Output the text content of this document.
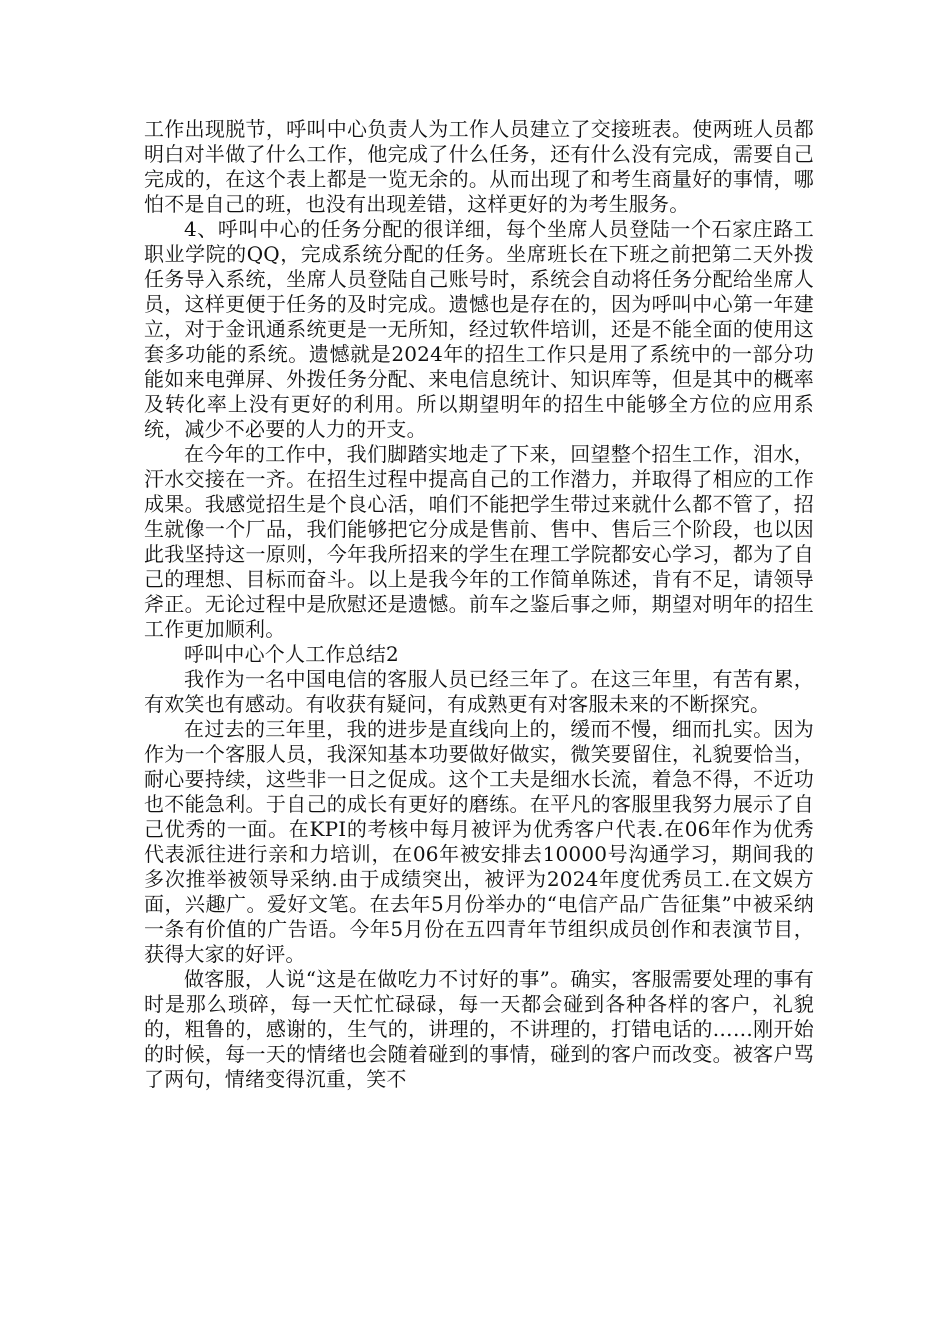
工作出现脱节，呼叫中心负责人为工作人员建立了交接班表。使两班人员都明白对半做了什么工作，他完成了什么任务，还有什么没有完成，需要自己完成的，在这个表上都是一览无余的。从而出现了和考生商量好的事情，哪怕不是自己的班，也没有出现差错，这样更好的为考生服务。

4、呼叫中心的任务分配的很详细，每个坐席人员登陆一个石家庄路工职业学院的QQ，完成系统分配的任务。坐席班长在下班之前把第二天外拨任务导入系统，坐席人员登陆自己账号时，系统会自动将任务分配给坐席人员，这样更便于任务的及时完成。遗憾也是存在的，因为呼叫中心第一年建立，对于金讯通系统更是一无所知，经过软件培训，还是不能全面的使用这套多功能的系统。遗憾就是2024年的招生工作只是用了系统中的一部分功能如来电弹屏、外拨任务分配、来电信息统计、知识库等，但是其中的概率及转化率上没有更好的利用。所以期望明年的招生中能够全方位的应用系统，减少不必要的人力的开支。

在今年的工作中，我们脚踏实地走了下来，回望整个招生工作，泪水，汗水交接在一齐。在招生过程中提高自己的工作潜力，并取得了相应的工作成果。我感觉招生是个良心活，咱们不能把学生带过来就什么都不管了，招生就像一个厂品，我们能够把它分成是售前、售中、售后三个阶段，也以因此我坚持这一原则，今年我所招来的学生在理工学院都安心学习，都为了自己的理想、目标而奋斗。以上是我今年的工作简单陈述，肯有不足，请领导斧正。无论过程中是欣慰还是遗憾。前车之鉴后事之师，期望对明年的招生工作更加顺利。

呼叫中心个人工作总结2

我作为一名中国电信的客服人员已经三年了。在这三年里，有苦有累，有欢笑也有感动。有收获有疑问，有成熟更有对客服未来的不断探究。

在过去的三年里，我的进步是直线向上的，缓而不慢，细而扎实。因为作为一个客服人员，我深知基本功要做好做实，微笑要留住，礼貌要恰当，耐心要持续，这些非一日之促成。这个工夫是细水长流，着急不得，不近功也不能急利。于自己的成长有更好的磨练。在平凡的客服里我努力展示了自己优秀的一面。在KPI的考核中每月被评为优秀客户代表.在06年作为优秀代表派往进行亲和力培训，在06年被安排去10000号沟通学习，期间我的多次推举被领导采纳.由于成绩突出，被评为2024年度优秀员工.在文娱方面，兴趣广。爱好文笔。在去年5月份举办的“电信产品广告征集”中被采纳一条有价值的广告语。今年5月份在五四青年节组织成员创作和表演节目，获得大家的好评。

做客服，人说“这是在做吃力不讨好的事”。确实，客服需要处理的事有时是那么琐碎，每一天忙忙碌碌，每一天都会碰到各种各样的客户，礼貌的，粗鲁的，感谢的，生气的，讲理的，不讲理的，打错电话的……刚开始的时候，每一天的情绪也会随着碰到的事情，碰到的客户而改变。被客户骂了两句，情绪变得沉重，笑不
